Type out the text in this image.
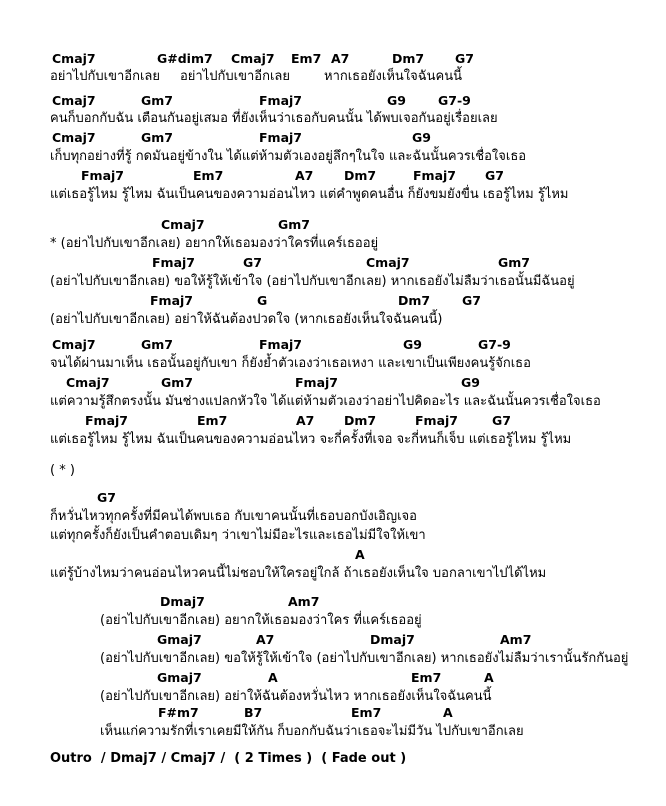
Cmaj7	G#dim7 Cmaj7 Em7 A7	Dm7 G7
อย่าไปกับเขาอีกเลย อย่าไปกับเขาอีกเลย	หากเธอยังเห็นใจฉันคนนี้
Cmaj7	Gm7	Fmaj7	G9	G7-9
คนก็บอกกับฉัน เตือนกันอยู่เสมอ ที่ยังเห็นว่าเธอกับคนนั้น ได้พบเจอกันอยู่เรื่อยเลย
Cmaj7	Gm7	Fmaj7	G9
เก็บทุกอย่างที่รู้ กดมันอยู่ข้างใน ได้แต่ห้ามตัวเองอยู่ลึกๆในใจ และฉันนั้นควรเชื่อใจเธอ
Fmaj7	Em7	A7 Dm7	Fmaj7 G7
แต่เธอรู้ไหม รู้ไหม ฉันเป็นคนของความอ่อนไหว แต่คำพูดคนอื่น ก็ยังขมยังขื่น เธอรู้ไหม รู้ไหม
Cmaj7	Gm7
* (อย่าไปกับเขาอีกเลย) อยากให้เธอมองว่าใครที่แคร์เธออยู่
Fmaj7	G7	Cmaj7	Gm7
(อย่าไปกับเขาอีกเลย) ขอให้รู้ให้เข้าใจ (อย่าไปกับเขาอีกเลย) หากเธอยังไม่ลืมว่าเธอนั้นมีฉันอยู่
Fmaj7	G	Dm7	G7
(อย่าไปกับเขาอีกเลย) อย่าให้ฉันต้องปวดใจ (หากเธอยังเห็นใจฉันคนนี้)
Cmaj7	Gm7	Fmaj7	G9	G7-9
จนได้ผ่านมาเห็น เธอนั้นอยู่กับเขา ก็ยังย้ำตัวเองว่าเธอเหงา และเขาเป็นเพียงคนรู้จักเธอ
Cmaj7	Gm7	Fmaj7	G9
แต่ความรู้สึกตรงนั้น มันช่างแปลกหัวใจ ได้แต่ห้ามตัวเองว่าอย่าไปคิดอะไร และฉันนั้นควรเชื่อใจเธอ
Fmaj7	Em7	A7 Dm7	Fmaj7	G7
แต่เธอรู้ไหม รู้ไหม ฉันเป็นคนของความอ่อนไหว จะกี่ครั้งที่เจอ จะกี่หนก็เจ็บ แต่เธอรู้ไหม รู้ไหม
( * )
G7
ก็หวั่นไหวทุกครั้งที่มีคนได้พบเธอ กับเขาคนนั้นที่เธอบอกบังเอิญเจอ
แต่ทุกครั้งก็ยังเป็นคำตอบเดิมๆ ว่าเขาไม่มีอะไรและเธอไม่มีใจให้เขา
A
แต่รู้บ้างไหมว่าคนอ่อนไหวคนนี้ไม่ชอบให้ใครอยู่ใกล้ ถ้าเธอยังเห็นใจ บอกลาเขาไปได้ไหม
Dmaj7	Am7
(อย่าไปกับเขาอีกเลย) อยากให้เธอมองว่าใคร ที่แคร์เธออยู่
Gmaj7	A7	Dmaj7	Am7
(อย่าไปกับเขาอีกเลย) ขอให้รู้ให้เข้าใจ (อย่าไปกับเขาอีกเลย) หากเธอยังไม่ลืมว่าเรานั้นรักกันอยู่
Gmaj7	A	Em7	A
(อย่าไปกับเขาอีกเลย) อย่าให้ฉันต้องหวั่นไหว หากเธอยังเห็นใจฉันคนนี้
F#m7	B7	Em7	A
เห็นแก่ความรักที่เราเคยมีให้กัน ก็บอกกับฉันว่าเธอจะไม่มีวัน ไปกับเขาอีกเลย
Outro  / Dmaj7 / Cmaj7 /  ( 2 Times )  ( Fade out )
